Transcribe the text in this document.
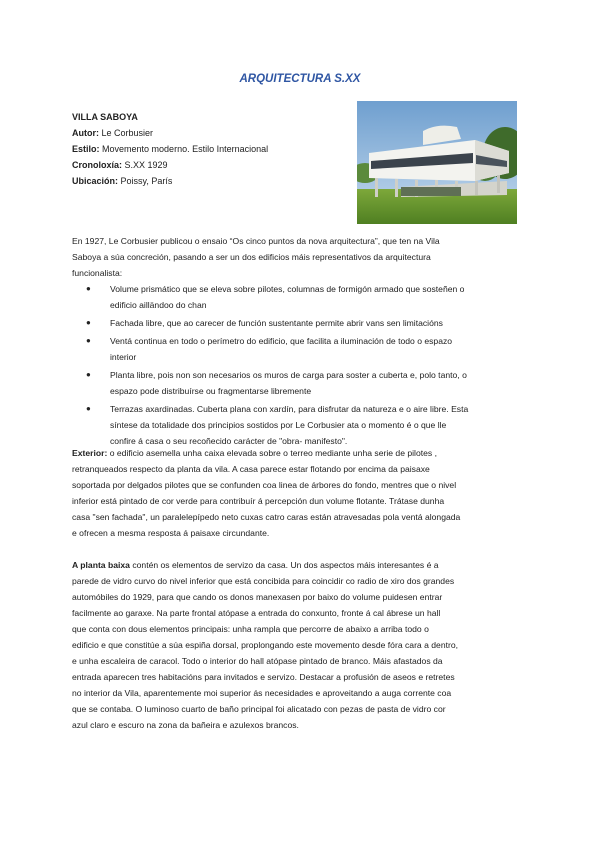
ARQUITECTURA S.XX
VILLA SABOYA
Autor: Le Corbusier
Estilo: Movemento moderno. Estilo Internacional
Cronoloxía: S.XX 1929
Ubicación: Poissy, París
En 1927, Le Corbusier publicou o ensaio “Os cinco puntos da nova arquitectura”, que ten na Vila
Saboya a súa concreción, pasando a ser un dos edificios máis representativos da arquitectura
funcionalista:
● Volume prismático que se eleva sobre pilotes, columnas de formigón armado que sosteñen o
edificio ailländoo do chan
● Fachada libre, que ao carecer de función sustentante permite abrir vans sen limitacións
● Ventá continua en todo o perímetro do edificio, que facilita a iluminación de todo o espazo
interior
● Planta libre, pois non son necesarios os muros de carga para soster a cuberta e, polo tanto, o
espazo pode distribuírse ou fragmentarse libremente
● Terrazas axardinadas. Cuberta plana con xardín, para disfrutar da natureza e o aire libre. Esta
síntese da totalidade dos principios sostidos por Le Corbusier ata o momento é o que lle
confire á casa o seu recoñecido carácter de "obra- manifesto".
Exterior: o edificio asemella unha caixa elevada sobre o terreo mediante unha serie de pilotes ,
retranqueados respecto da planta da vila. A casa parece estar flotando por encima da paisaxe
soportada por delgados pilotes que se confunden coa linea de árbores do fondo, mentres que o nivel
inferior está pintado de cor verde para contribuír á percepción dun volume flotante. Trátase dunha
casa "sen fachada", un paralelepípedo neto cuxas catro caras están atravesadas pola ventá alongada
e ofrecen a mesma resposta á paisaxe circundante.
A planta baixa contén os elementos de servizo da casa. Un dos aspectos máis interesantes é a
parede de vidro curvo do nivel inferior que está concibida para coincidir co radio de xiro dos grandes
automóbiles do 1929, para que cando os donos manexasen por baixo do volume puidesen entrar
facilmente ao garaxe. Na parte frontal atópase a entrada do conxunto, fronte á cal ábrese un hall
que conta con dous elementos principais: unha rampla que percorre de abaixo a arriba todo o
edificio e que constitúe a súa espiña dorsal, proplongando este movemento desde fóra cara a dentro,
e unha escaleira de caracol. Todo o interior do hall atópase pintado de branco. Máis afastados da
entrada aparecen tres habitacións para invitados e servizo. Destacar a profusión de aseos e retretes
no interior da Vila, aparentemente moi superior ás necesidades e aproveitando a auga corrente coa
que se contaba. O luminoso cuarto de baño principal foi alicatado con pezas de pasta de vidro cor
azul claro e escuro na zona da bañeira e azulexos brancos.
